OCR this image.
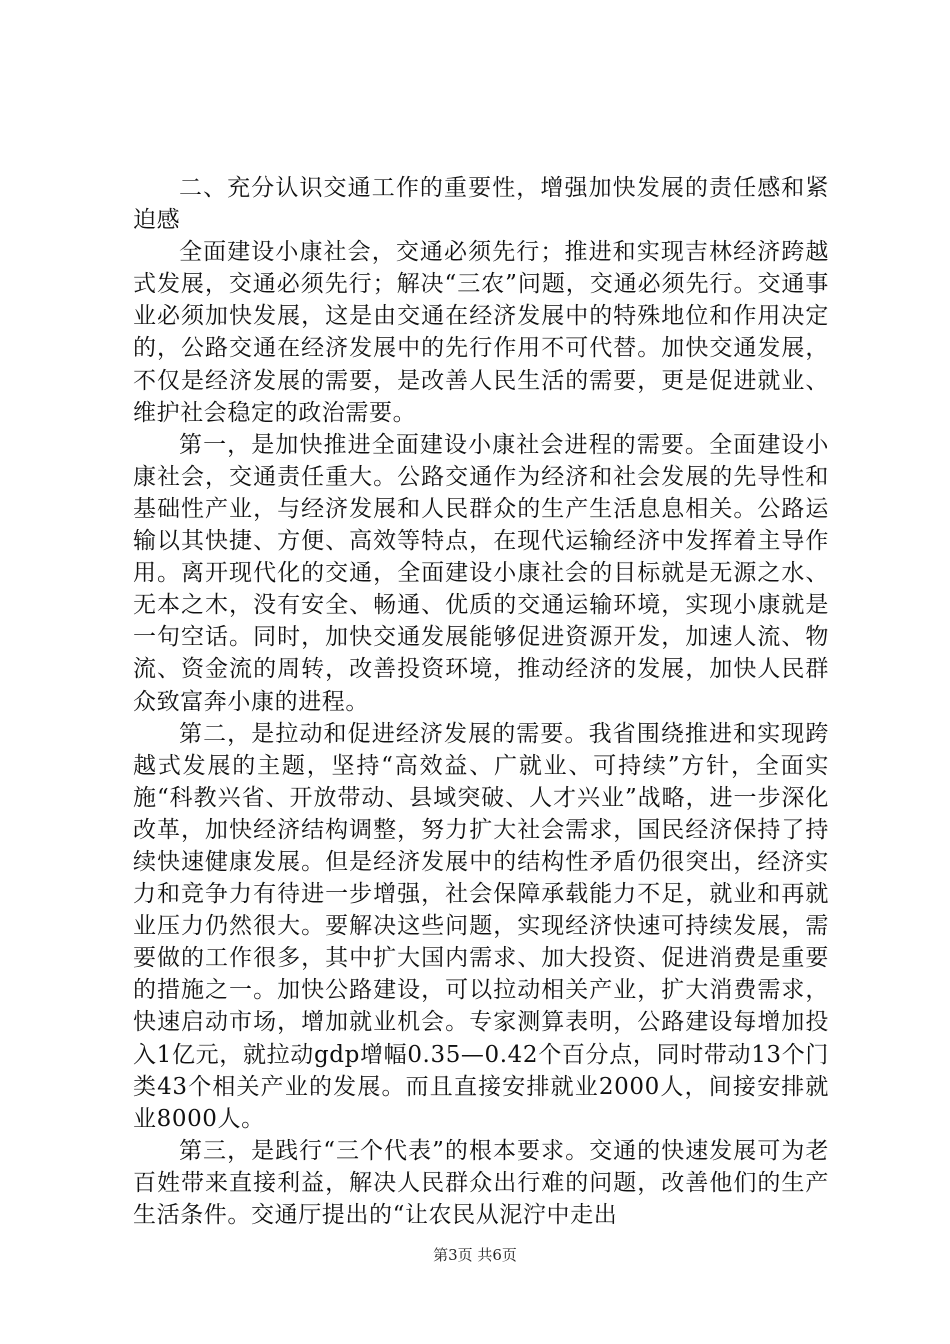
二、充分认识交通工作的重要性，增强加快发展的责任感和紧迫感

全面建设小康社会，交通必须先行；推进和实现吉林经济跨越式发展，交通必须先行；解决“三农”问题，交通必须先行。交通事业必须加快发展，这是由交通在经济发展中的特殊地位和作用决定的，公路交通在经济发展中的先行作用不可代替。加快交通发展，不仅是经济发展的需要，是改善人民生活的需要，更是促进就业、维护社会稳定的政治需要。

第一，是加快推进全面建设小康社会进程的需要。全面建设小康社会，交通责任重大。公路交通作为经济和社会发展的先导性和基础性产业，与经济发展和人民群众的生产生活息息相关。公路运输以其快捷、方便、高效等特点，在现代运输经济中发挥着主导作用。离开现代化的交通，全面建设小康社会的目标就是无源之水、无本之木，没有安全、畅通、优质的交通运输环境，实现小康就是一句空话。同时，加快交通发展能够促进资源开发，加速人流、物流、资金流的周转，改善投资环境，推动经济的发展，加快人民群众致富奔小康的进程。

第二，是拉动和促进经济发展的需要。我省围绕推进和实现跨越式发展的主题，坚持“高效益、广就业、可持续”方针，全面实施“科教兴省、开放带动、县域突破、人才兴业”战略，进一步深化改革，加快经济结构调整，努力扩大社会需求，国民经济保持了持续快速健康发展。但是经济发展中的结构性矛盾仍很突出，经济实力和竞争力有待进一步增强，社会保障承载能力不足，就业和再就业压力仍然很大。要解决这些问题，实现经济快速可持续发展，需要做的工作很多，其中扩大国内需求、加大投资、促进消费是重要的措施之一。加快公路建设，可以拉动相关产业，扩大消费需求，快速启动市场，增加就业机会。专家测算表明，公路建设每增加投入1亿元，就拉动gdp增幅0.35—0.42个百分点，同时带动13个门类43个相关产业的发展。而且直接安排就业2000人，间接安排就业8000人。

第三，是践行“三个代表”的根本要求。交通的快速发展可为老百姓带来直接利益，解决人民群众出行难的问题，改善他们的生产生活条件。交通厅提出的“让农民从泥泞中走出

第3页 共6页
